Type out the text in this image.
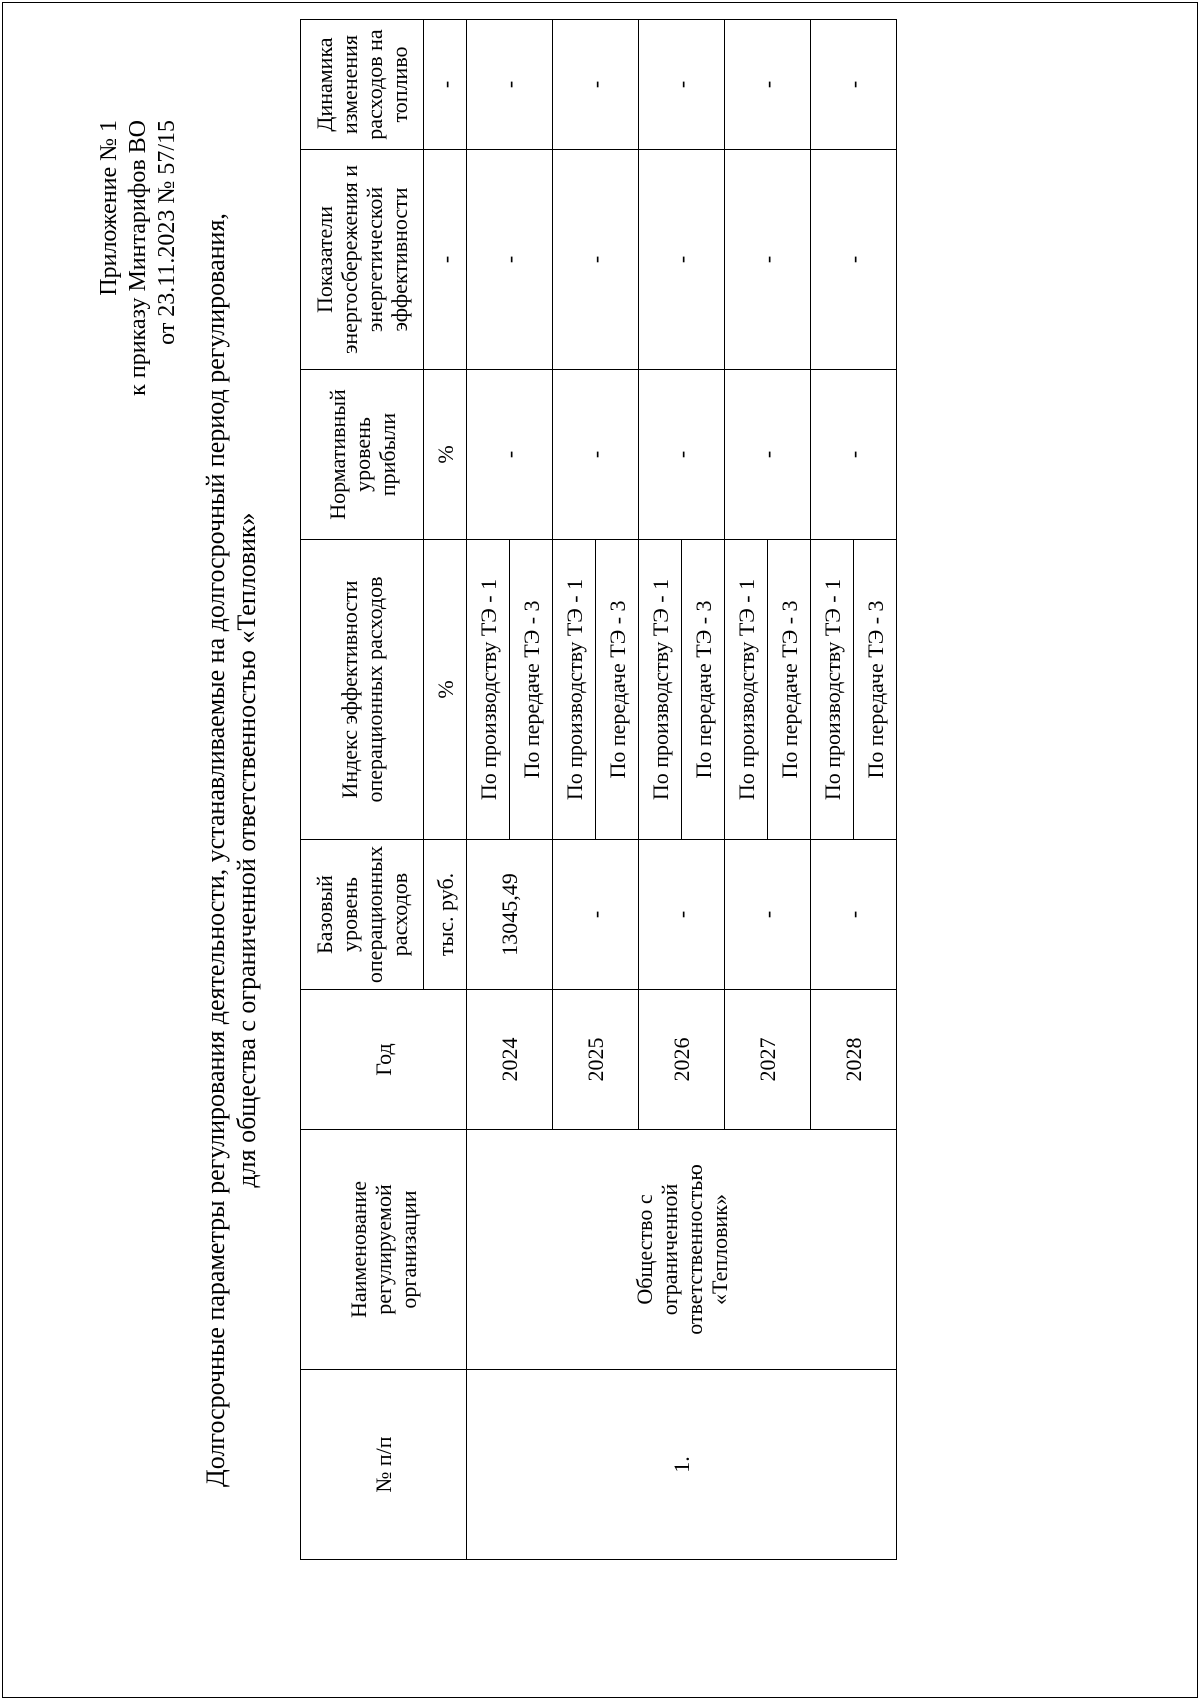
Приложение № 1 к приказу Минтарифов ВО от 23.11.2023 № 57/15 Долгосрочные параметры регулирования деятельности, устанавливаемые на долгосрочный период регулирования, для общества с ограниченной ответственностью «Тепловик»
№ п/п	Наименование регулируемой организации	Год	Базовый уровень операционных расходов	Индекс эффективности операционных расходов	Нормативный уровень прибыли	Показатели энергосбережения и энергетической эффективности	Динамика изменения расходов на топливо
			тыс. руб.	%	%	-	-
1.	Общество с ограниченной ответственностью «Тепловик»	2024	13045,49	По производству ТЭ - 1	-	-	-
				По передаче ТЭ - 3			
		2025	-	По производству ТЭ - 1	-	-	-
				По передаче ТЭ - 3			
		2026	-	По производству ТЭ - 1	-	-	-
				По передаче ТЭ - 3			
		2027	-	По производству ТЭ - 1	-	-	-
				По передаче ТЭ - 3			
		2028	-	По производству ТЭ - 1	-	-	-
				По передаче ТЭ - 3			
